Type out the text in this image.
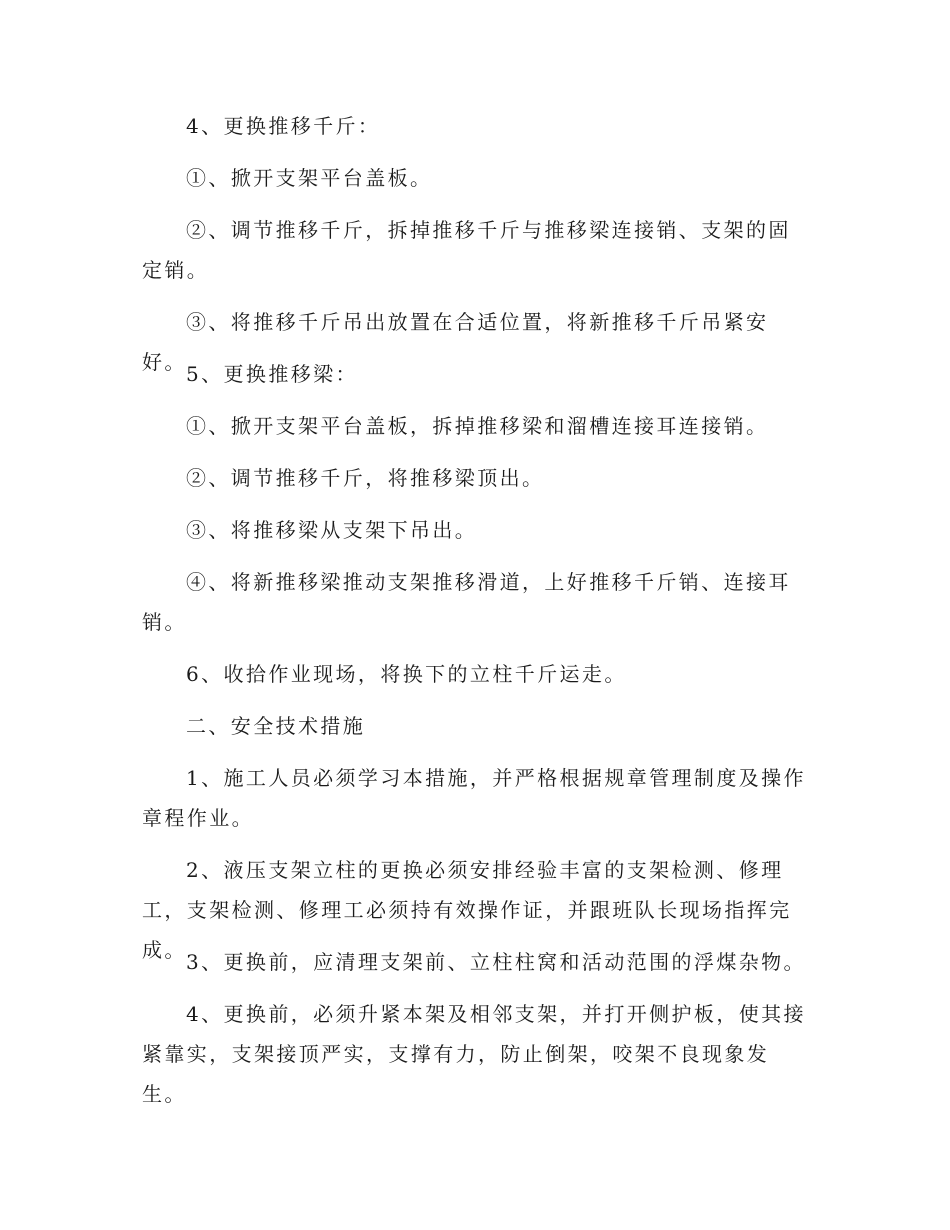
4、更换推移千斤：

①、掀开支架平台盖板。

②、调节推移千斤，拆掉推移千斤与推移梁连接销、支架的固定销。

③、将推移千斤吊出放置在合适位置，将新推移千斤吊紧安好。 5、更换推移梁：

①、掀开支架平台盖板，拆掉推移梁和溜槽连接耳连接销。

②、调节推移千斤，将推移梁顶出。

③、将推移梁从支架下吊出。

④、将新推移梁推动支架推移滑道，上好推移千斤销、连接耳销。

6、收拾作业现场，将换下的立柱千斤运走。

二、安全技术措施

1、施工人员必须学习本措施，并严格根据规章管理制度及操作章程作业。

2、液压支架立柱的更换必须安排经验丰富的支架检测、修理工，支架检测、修理工必须持有效操作证，并跟班队长现场指挥完成。 3、更换前，应清理支架前、立柱柱窝和活动范围的浮煤杂物。

4、更换前，必须升紧本架及相邻支架，并打开侧护板，使其接紧靠实，支架接顶严实，支撑有力，防止倒架，咬架不良现象发生。
